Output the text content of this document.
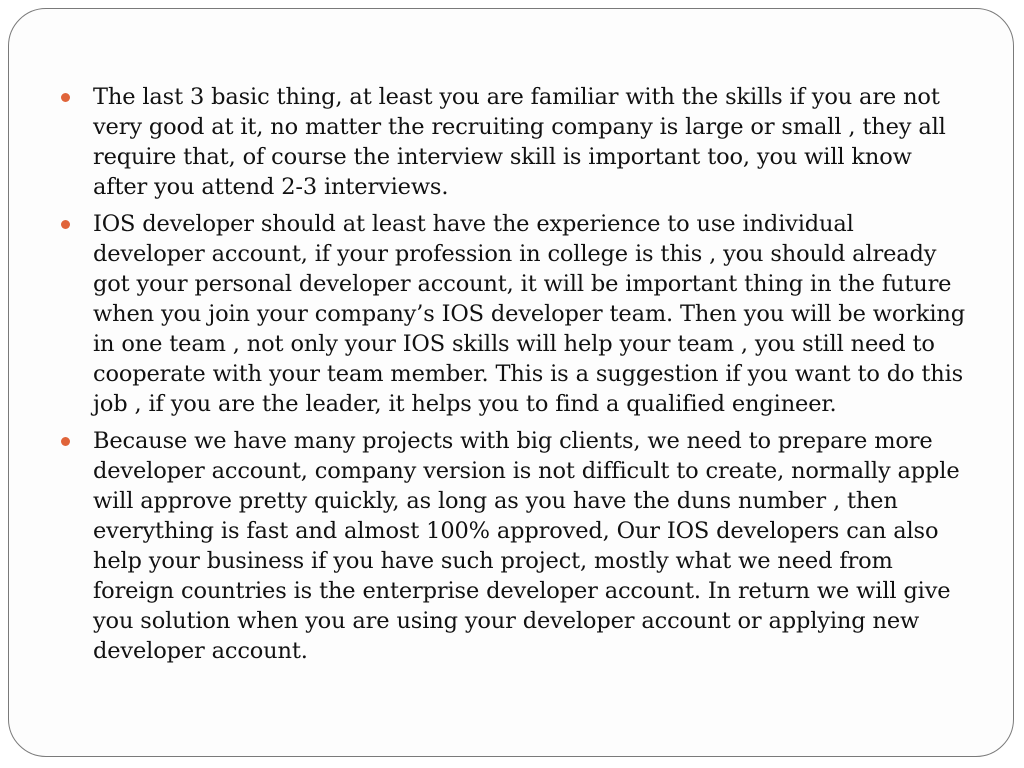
The last 3 basic thing, at least you are familiar with the skills if you are not very good at it, no matter the recruiting company is large or small , they all require that, of course the interview skill is important too, you will know after you attend 2-3 interviews.
IOS developer should at least have the experience to use individual developer account, if your profession in college is this , you should already got your personal developer account, it will be important thing in the future when you join your company’s IOS developer team. Then you will be working in one team , not only your IOS skills will help your team , you still need to cooperate with your team member. This is a suggestion if you want to do this job , if you are the leader, it helps you to find a qualified engineer.
Because we have many projects with big clients, we need to prepare more developer account, company version is not difficult to create, normally apple will approve pretty quickly, as long as you have the duns number , then everything is fast and almost 100% approved, Our IOS developers can also help your business if you have such project, mostly what we need from foreign countries is the enterprise developer account. In return we will give you solution when you are using your developer account or applying new developer account.
